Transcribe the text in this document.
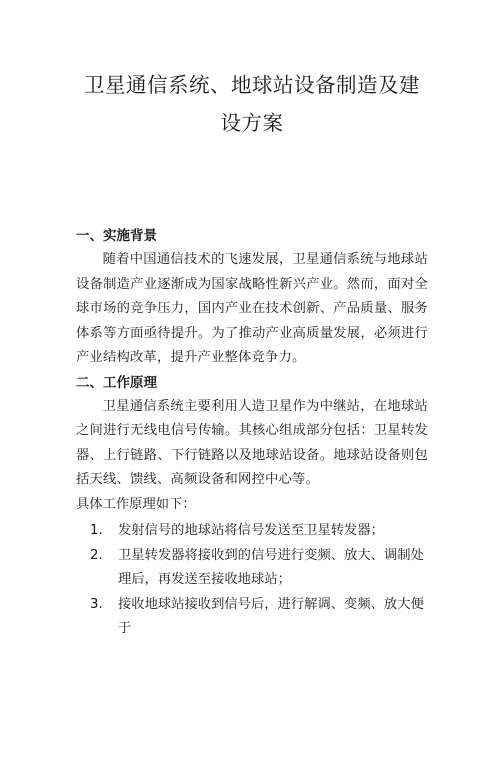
卫星通信系统、地球站设备制造及建设方案
一、实施背景

随着中国通信技术的飞速发展，卫星通信系统与地球站设备制造产业逐渐成为国家战略性新兴产业。然而，面对全球市场的竞争压力，国内产业在技术创新、产品质量、服务体系等方面亟待提升。为了推动产业高质量发展，必须进行产业结构改革，提升产业整体竞争力。

二、工作原理

卫星通信系统主要利用人造卫星作为中继站，在地球站之间进行无线电信号传输。其核心组成部分包括：卫星转发器、上行链路、下行链路以及地球站设备。地球站设备则包括天线、馈线、高频设备和网控中心等。

具体工作原理如下：

1.	发射信号的地球站将信号发送至卫星转发器；
2.	卫星转发器将接收到的信号进行变频、放大、调制处理后，再发送至接收地球站；
3.	接收地球站接收到信号后，进行解调、变频、放大便于
